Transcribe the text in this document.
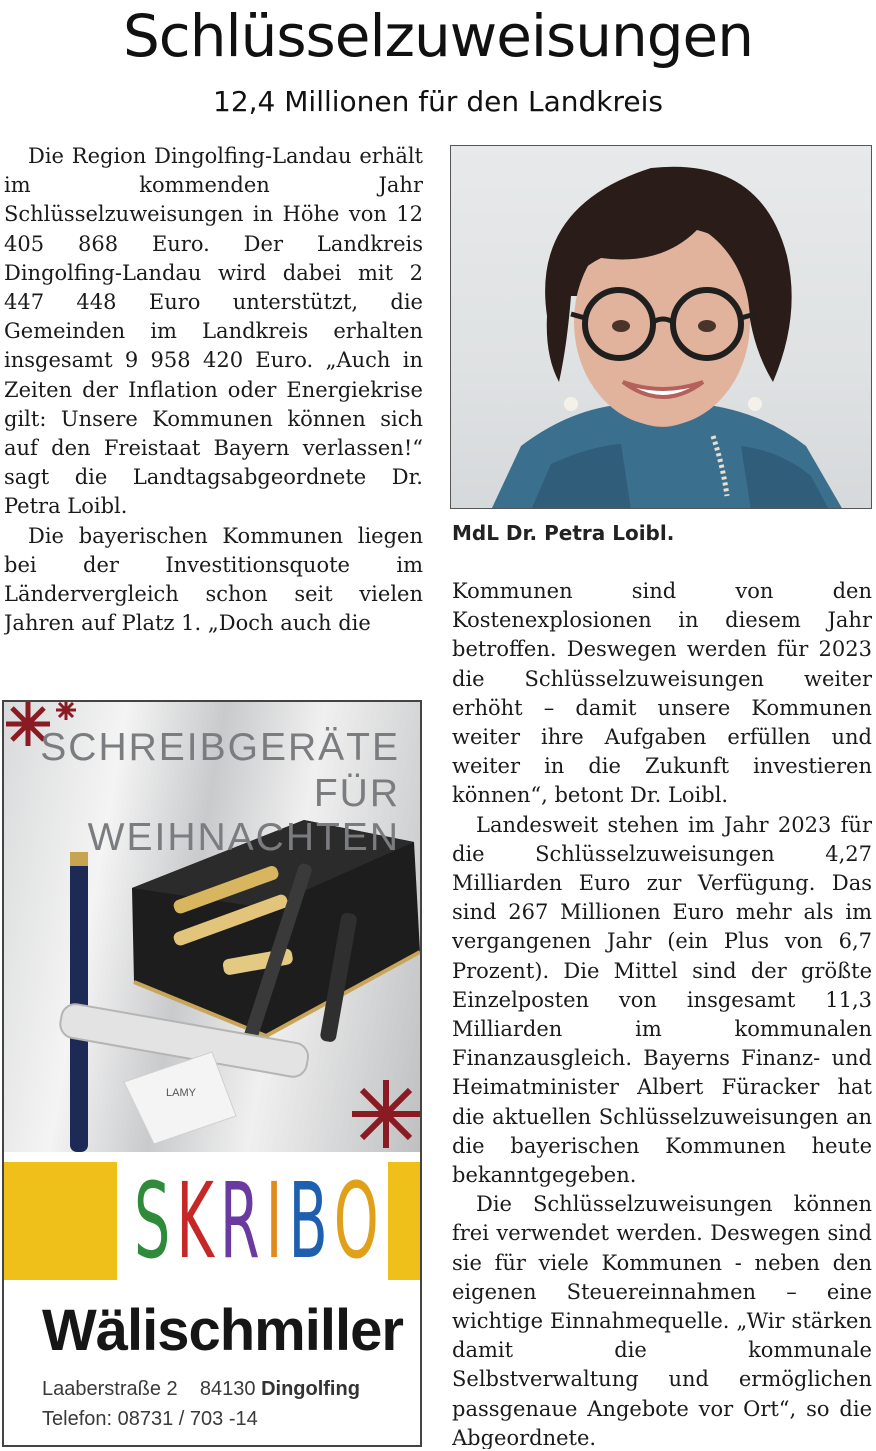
Schlüsselzuweisungen
12,4 Millionen für den Landkreis

Die Region Dingolfing-Landau erhält im kommenden Jahr Schlüsselzuweisungen in Höhe von 12 405 868 Euro. Der Landkreis Dingolfing-Landau wird dabei mit 2 447 448 Euro unterstützt, die Gemeinden im Landkreis erhalten insgesamt 9 958 420 Euro. „Auch in Zeiten der Inflation oder Energiekrise gilt: Unsere Kommunen können sich auf den Freistaat Bayern verlassen!“ sagt die Landtagsabgeordnete Dr. Petra Loibl.

Die bayerischen Kommunen liegen bei der Investitionsquote im Ländervergleich schon seit vielen Jahren auf Platz 1. „Doch auch die

MdL Dr. Petra Loibl.

Kommunen sind von den Kostenexplosionen in diesem Jahr betroffen. Deswegen werden für 2023 die Schlüsselzuweisungen weiter erhöht – damit unsere Kommunen weiter ihre Aufgaben erfüllen und weiter in die Zukunft investieren können“, betont Dr. Loibl.

Landesweit stehen im Jahr 2023 für die Schlüsselzuweisungen 4,27 Milliarden Euro zur Verfügung. Das sind 267 Millionen Euro mehr als im vergangenen Jahr (ein Plus von 6,7 Prozent). Die Mittel sind der größte Einzelposten von insgesamt 11,3 Milliarden im kommunalen Finanzausgleich. Bayerns Finanz- und Heimatminister Albert Füracker hat die aktuellen Schlüsselzuweisungen an die bayerischen Kommunen heute bekanntgegeben.

Die Schlüsselzuweisungen können frei verwendet werden. Deswegen sind sie für viele Kommunen - neben den eigenen Steuereinnahmen – eine wichtige Einnahmequelle. „Wir stärken damit die kommunale Selbstverwaltung und ermöglichen passgenaue Angebote vor Ort“, so die Abgeordnete.

LAMY
SCHREIBGERÄTE
FÜR WEIHNACHTEN
S K R I B O
Wälischmiller
Laaberstraße 2 84130 Dingolfing
Telefon: 08731 / 703 -14
